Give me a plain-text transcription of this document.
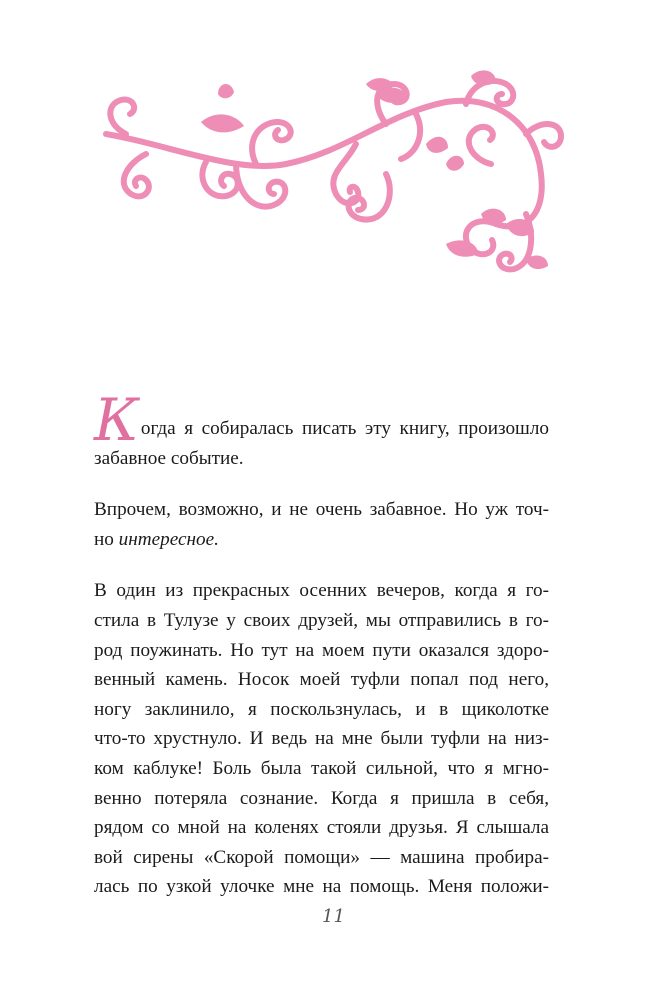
Когда я собиралась писать эту книгу, произошло
забавное событие.

Впрочем, возможно, и не очень забавное. Но уж точ-
но интересное.

В один из прекрасных осенних вечеров, когда я го-
стила в Тулузе у своих друзей, мы отправились в го-
род поужинать. Но тут на моем пути оказался здоро-
венный камень. Носок моей туфли попал под него,
ногу заклинило, я поскользнулась, и в щиколотке
что-то хрустнуло. И ведь на мне были туфли на низ-
ком каблуке! Боль была такой сильной, что я мгно-
венно потеряла сознание. Когда я пришла в себя,
рядом со мной на коленях стояли друзья. Я слышала
вой сирены «Скорой помощи» — машина пробира-
лась по узкой улочке мне на помощь. Меня положи-

11
